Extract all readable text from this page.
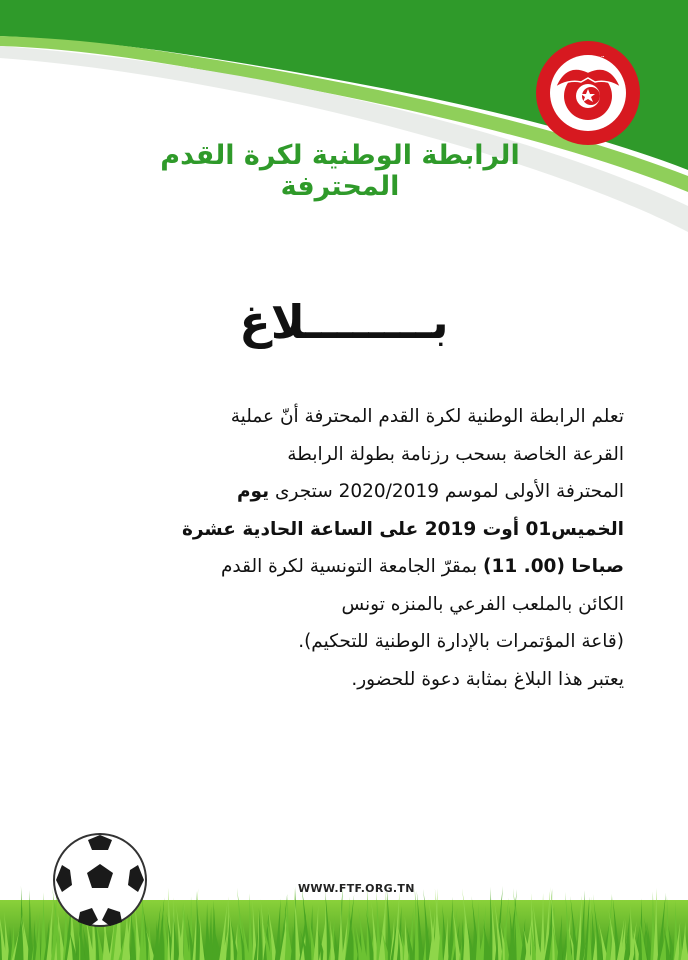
تونس
الرابطة الوطنية لكرة القدم المحترفة
بــــــــلاغ
تعلم الرابطة الوطنية لكرة القدم المحترفة أنّ عملية
القرعة الخاصة بسحب رزنامة بطولة الرابطة
المحترفة الأولى لموسم 2020/2019 ستجرى يوم
الخميس01 أوت 2019 على الساعة الحادية عشرة
صباحا (00. 11) بمقرّ الجامعة التونسية لكرة القدم
الكائن بالملعب الفرعي بالمنزه تونس
(قاعة المؤتمرات بالإدارة الوطنية للتحكيم).
يعتبر هذا البلاغ بمثابة دعوة للحضور.
WWW.FTF.ORG.TN
